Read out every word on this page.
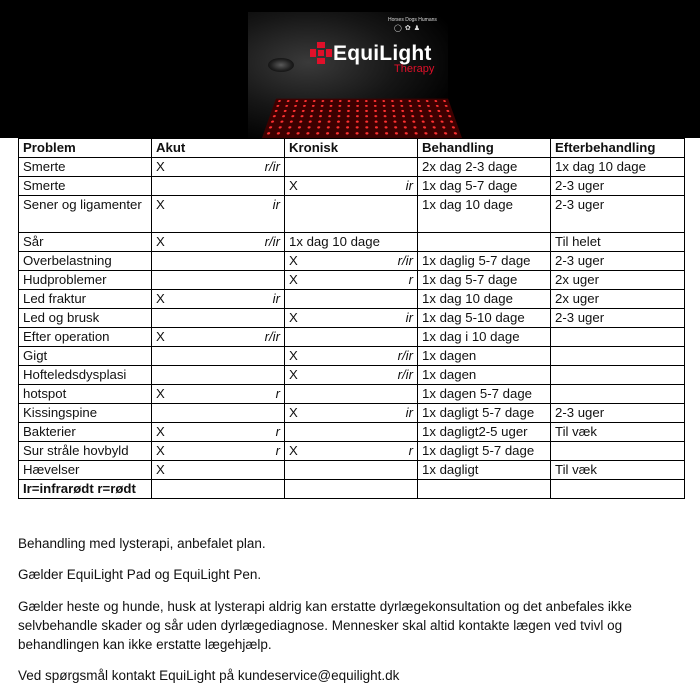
Horses Dogs Humans
◯✿♟
EquiLight
Therapy
Problem	Akut	Kronisk	Behandling	Efterbehandling
Smerte	X r/ir		2x dag 2-3 dage	1x dag 10 dage
Smerte		X ir	1x dag 5-7 dage	2-3 uger
Sener og ligamenter	X ir		1x dag 10 dage	2-3 uger
Sår	X r/ir	1x dag 10 dage		Til helet
Overbelastning		X r/ir	1x daglig 5-7 dage	2-3 uger
Hudproblemer		X r	1x dag 5-7 dage	2x uger
Led fraktur	X ir		1x dag 10 dage	2x uger
Led og brusk		X ir	1x dag 5-10 dage	2-3 uger
Efter operation	X r/ir		1x dag i 10 dage	
Gigt		X r/ir	1x dagen	
Hofteledsdysplasi		X r/ir	1x dagen	
hotspot	X r		1x dagen 5-7 dage	
Kissingspine		X ir	1x dagligt 5-7 dage	2-3 uger
Bakterier	X r		1x dagligt2-5 uger	Til væk
Sur stråle hovbyld	X r	X r	1x dagligt 5-7 dage	
Hævelser	X		1x dagligt	Til væk
Ir=infrarødt r=rødt				
Behandling med lysterapi, anbefalet plan.
Gælder EquiLight Pad og EquiLight Pen.
Gælder heste og hunde, husk at lysterapi aldrig kan erstatte dyrlægekonsultation og det anbefales ikke selvbehandle skader og sår uden dyrlægediagnose. Mennesker skal altid kontakte lægen ved tvivl og behandlingen kan ikke erstatte lægehjælp.
Ved spørgsmål kontakt EquiLight på kundeservice@equilight.dk
